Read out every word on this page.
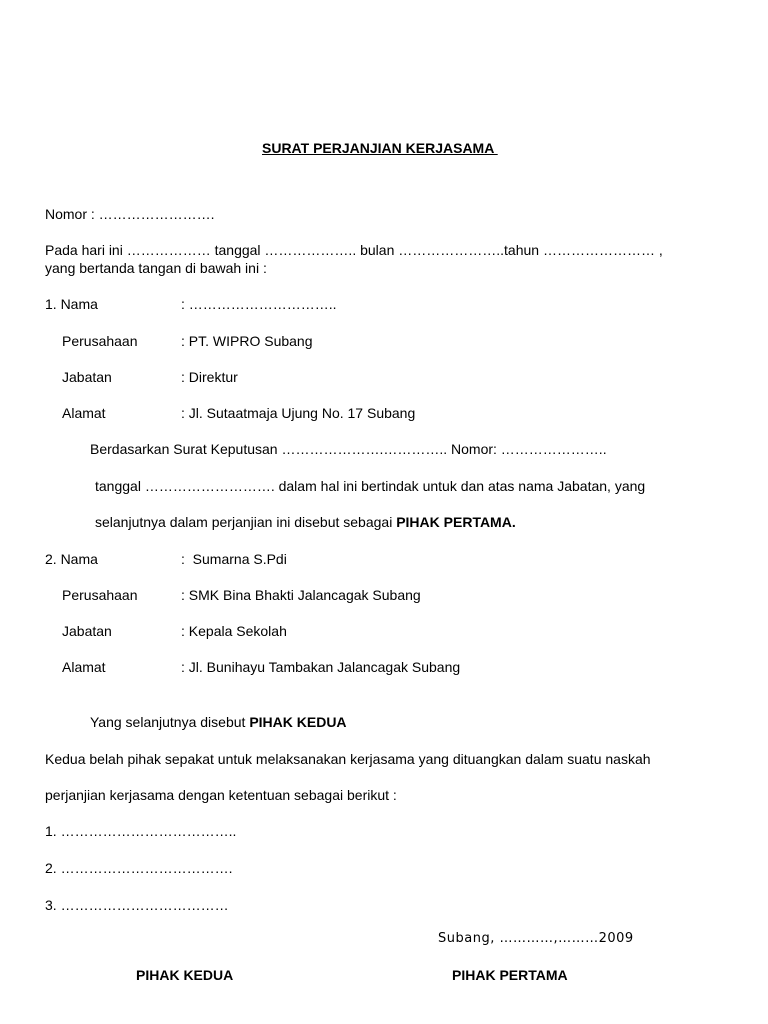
SURAT PERJANJIAN KERJASAMA
Nomor : …………………….
Pada hari ini ……………… tanggal ……………….. bulan …………………..tahun …………………… ,
yang bertanda tangan di bawah ini :
1. Nama	: …………………………..
Perusahaan	: PT. WIPRO Subang
Jabatan	: Direktur
Alamat	: Jl. Sutaatmaja Ujung No. 17 Subang
Berdasarkan Surat Keputusan ………………….………….. Nomor: …………………..
tanggal ………………………. dalam hal ini bertindak untuk dan atas nama Jabatan, yang
selanjutnya dalam perjanjian ini disebut sebagai PIHAK PERTAMA.
2. Nama	:  Sumarna S.Pdi
Perusahaan	: SMK Bina Bhakti Jalancagak Subang
Jabatan	: Kepala Sekolah
Alamat	: Jl. Bunihayu Tambakan Jalancagak Subang
Yang selanjutnya disebut PIHAK KEDUA
Kedua belah pihak sepakat untuk melaksanakan kerjasama yang dituangkan dalam suatu naskah
perjanjian kerjasama dengan ketentuan sebagai berikut :
1. ………………………………..
2. ……………………………….
3. ………………………………
Subang, …………,………2009
PIHAK KEDUA	PIHAK PERTAMA
